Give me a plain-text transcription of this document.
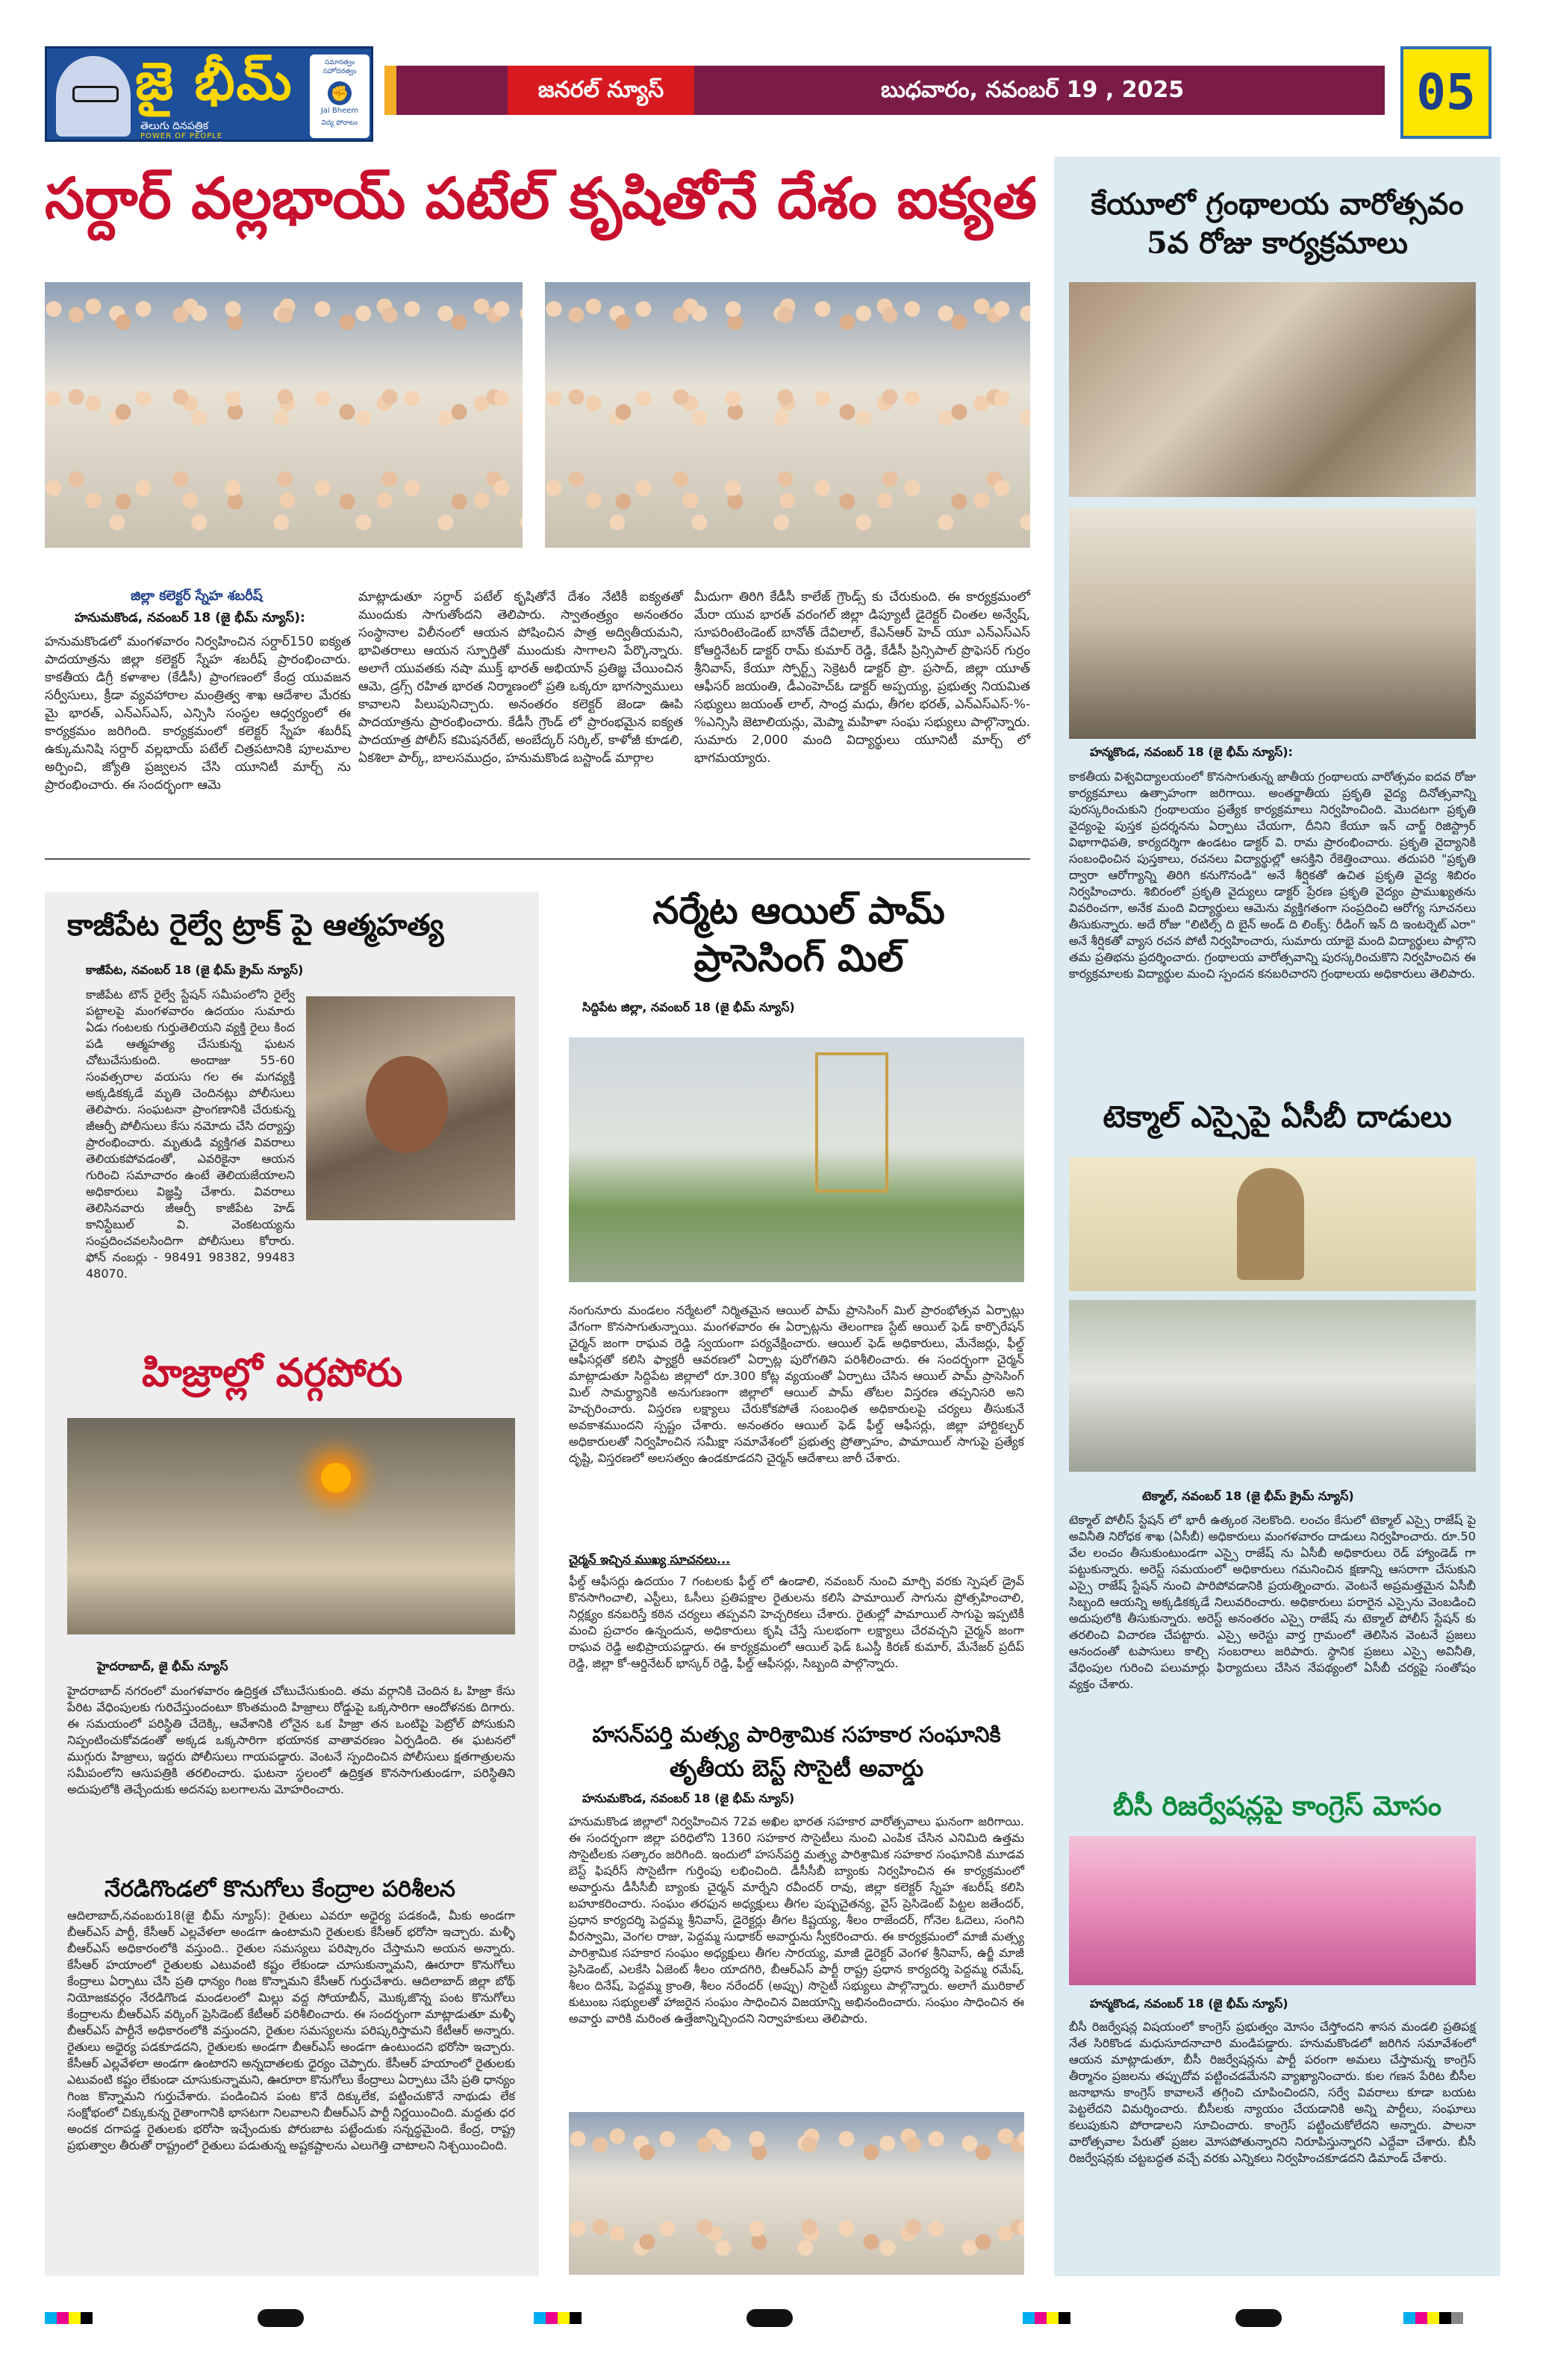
జై భీమ్
తెలుగు దినపత్రిక
POWER OF PEOPLE
సమానత్వం సహోదరత్వం
✊
Jai Bheem

విద్య పోరాటం
జనరల్ న్యూస్	బుధవారం, నవంబర్ 19 , 2025	05
సర్దార్ వల్లభాయ్ పటేల్ కృషితోనే దేశం ఐక్యత
జిల్లా కలెక్టర్ స్నేహ శబరీష్
హనుమకొండ, నవంబర్ 18 (జై భీమ్ న్యూస్):
హనుమకొండలో మంగళవారం నిర్వహించిన సర్దార్150 ఐక్యత పాదయాత్రను జిల్లా కలెక్టర్ స్నేహ శబరీష్ ప్రారంభించారు. కాకతీయ డిగ్రీ కళాశాల (కేడీసీ) ప్రాంగణంలో కేంద్ర యువజన సర్వీసులు, క్రీడా వ్యవహారాల మంత్రిత్వ శాఖ ఆదేశాల మేరకు మై భారత్, ఎన్ఎస్ఎస్, ఎన్సిసి సంస్థల ఆధ్వర్యంలో ఈ కార్యక్రమం జరిగింది. కార్యక్రమంలో కలెక్టర్ స్నేహ శబరీష్ ఉక్కుమనిషి సర్దార్ వల్లభాయ్ పటేల్ చిత్రపటానికి పూలమాల అర్పించి, జ్యోతి ప్రజ్వలన చేసి యూనిటీ మార్చ్ ను ప్రారంభించారు. ఈ సందర్భంగా ఆమె
మాట్లాడుతూ సర్దార్ పటేల్ కృషితోనే దేశం నేటికీ ఐక్యతతో ముందుకు సాగుతోందని తెలిపారు. స్వాతంత్ర్యం అనంతరం సంస్థానాల విలీనంలో ఆయన పోషించిన పాత్ర అద్వితీయమని, భావితరాలు ఆయన స్ఫూర్తితో ముందుకు సాగాలని పేర్కొన్నారు. అలాగే యువతకు నషా ముక్త్ భారత్ అభియాన్ ప్రతిజ్ఞ చేయించిన ఆమె, డ్రగ్స్ రహిత భారత నిర్మాణంలో ప్రతి ఒక్కరూ భాగస్వాములు కావాలని పిలుపునిచ్చారు. అనంతరం కలెక్టర్ జెండా ఊపి పాదయాత్రను ప్రారంభించారు. కేడీసీ గ్రౌండ్ లో ప్రారంభమైన ఐక్యత పాదయాత్ర పోలీస్ కమిషనరేట్, అంబేద్కర్ సర్కిల్, కాళోజీ కూడలి, ఏకశిలా పార్క్, బాలసముద్రం, హనుమకొండ బస్టాండ్ మార్గాల
మీదుగా తిరిగి కేడీసీ కాలేజ్ గ్రౌండ్స్ కు చేరుకుంది. ఈ కార్యక్రమంలో మేరా యువ భారత్ వరంగల్ జిల్లా డిప్యూటీ డైరెక్టర్ చింతల అన్వేష్, సూపరింటెండెంట్ బానోత్ దేవిలాల్, కేఎన్ఆర్ హెచ్ యూ ఎన్ఎస్ఎస్ కోఆర్డినేటర్ డాక్టర్ రామ్ కుమార్ రెడ్డి, కేడీసీ ప్రిన్సిపాల్ ప్రొఫెసర్ గుర్రం శ్రీనివాస్, కేయూ స్పోర్ట్స్ సెక్రెటరీ డాక్టర్ ప్రొ. ప్రసాద్, జిల్లా యూత్ ఆఫీసర్ జయంతి, డీఎంహెచ్ఓ డాక్టర్ అప్పయ్య, ప్రభుత్వ నియమిత సభ్యులు జయంత్ లాల్, సాంద్ర మధు, తీగల భరత్, ఎన్ఎస్ఎస్-%-%ఎన్సిసి జెటాలియన్లు, మెప్మా మహిళా సంఘ సభ్యులు పాల్గొన్నారు. సుమారు 2,000 మంది విద్యార్థులు యూనిటీ మార్చ్ లో భాగమయ్యారు.
కాజీపేట రైల్వే ట్రాక్ పై ఆత్మహత్య
కాజీపేట, నవంబర్ 18 (జై భీమ్ క్రైమ్ న్యూస్)
కాజీపేట టౌన్ రైల్వే స్టేషన్ సమీపంలోని రైల్వే పట్టాలపై మంగళవారం ఉదయం సుమారు ఏడు గంటలకు గుర్తుతెలియని వ్యక్తి రైలు కింద పడి ఆత్మహత్య చేసుకున్న ఘటన చోటుచేసుకుంది. అందాజు 55-60 సంవత్సరాల వయసు గల ఈ మగవ్యక్తి అక్కడికక్కడే మృతి చెందినట్లు పోలీసులు తెలిపారు. సంఘటనా ప్రాంగణానికి చేరుకున్న జీఆర్పీ పోలీసులు కేసు నమోదు చేసి దర్యాప్తు ప్రారంభించారు. మృతుడి వ్యక్తిగత వివరాలు తెలియకపోవడంతో, ఎవరికైనా ఆయన గురించి సమాచారం ఉంటే తెలియజేయాలని అధికారులు విజ్ఞప్తి చేశారు. వివరాలు తెలిసినవారు జీఆర్పీ కాజీపేట హెడ్ కానిస్టేబుల్ వి. వెంకటయ్యను సంప్రదించవలసిందిగా పోలీసులు కోరారు. ఫోన్ నంబర్లు - 98491 98382, 99483 48070.
హిజ్రాల్లో వర్గపోరు
హైదరాబాద్, జై భీమ్ న్యూస్
హైదరాబాద్ నగరంలో మంగళవారం ఉద్రిక్తత చోటుచేసుకుంది. తమ వర్గానికి చెందిన ఓ హిజ్రా కేసు పేరిట వేధింపులకు గురిచేస్తుందంటూ కొంతమంది హిజ్రాలు రోడ్డుపై ఒక్కసారిగా ఆందోళనకు దిగారు. ఈ సమయంలో పరిస్థితి చేదెక్కి, ఆవేశానికి లోనైన ఒక హిజ్రా తన ఒంటిపై పెట్రోల్ పోసుకుని నిప్పంటించుకోవడంతో అక్కడ ఒక్కసారిగా భయానక వాతావరణం ఏర్పడింది. ఈ ఘటనలో ముగ్గురు హిజ్రాలు, ఇద్దరు పోలీసులు గాయపడ్డారు. వెంటనే స్పందించిన పోలీసులు క్షతగాత్రులను సమీపంలోని ఆసుపత్రికి తరలించారు. ఘటనా స్థలంలో ఉద్రిక్తత కొనసాగుతుండగా, పరిస్థితిని అదుపులోకి తెచ్చేందుకు అదనపు బలగాలను మోహరించారు.
నేరడిగొండలో కొనుగోలు కేంద్రాల పరిశీలన
ఆదిలాబాద్,నవంబరు18(జై భీమ్ న్యూస్): రైతులు ఎవరూ అధైర్య పడకండి, మీకు అండగా బీఆర్ఎస్ పార్టీ, కేసీఆర్ ఎల్లవేళలా అండగా ఉంటామని రైతులకు కేసీఆర్ భరోసా ఇచ్చారు. మళ్ళీ బీఆర్ఎస్ అధికారంలోకి వస్తుంది.. రైతుల సమస్యలు పరిష్కారం చేస్తామని అయన అన్నారు. కేసీఆర్ హయాంలో రైతులకు ఎటువంటి కష్టం లేకుండా చూసుకున్నామని, ఊరూరా కొనుగోలు కేంద్రాలు ఏర్పాటు చేసి ప్రతి ధాన్యం గింజ కొన్నామని కేసీఆర్ గుర్తుచేశారు. ఆదిలాబాద్ జిల్లా బోథ్ నియోజకవర్గం నేరడిగొండ మండలంలో మిల్లు వద్ద సోయాబీన్, మొక్కజొన్న పంట కొనుగోలు కేంద్రాలను బీఆర్ఎస్ వర్కింగ్ ప్రెసిడెంట్ కేటీఆర్ పరిశీలించారు. ఈ సందర్భంగా మాట్లాడుతూ మళ్ళీ బీఆర్ఎస్ పార్టీనే అధికారంలోకి వస్తుందని, రైతుల సమస్యలను పరిష్కరిస్తామని కేటీఆర్ అన్నారు. రైతులు అధైర్య పడకూడదని, రైతులకు అండగా బీఆర్ఎస్ అండగా ఉంటుందని భరోసా ఇచ్చారు. కేసీఆర్ ఎల్లవేళలా అండగా ఉంటారని అన్నదాతలకు ధైర్యం చెప్పారు. కేసీఆర్ హయాంలో రైతులకు ఎటువంటి కష్టం లేకుండా చూసుకున్నామని, ఊరూరా కొనుగోలు కేంద్రాలు ఏర్పాటు చేసి ప్రతి ధాన్యం గింజ కొన్నామని గుర్తుచేశారు. పండించిన పంట కొనే దిక్కులేక, పట్టించుకొనే నాథుడు లేక సంక్షోభంలో చిక్కుకున్న రైతాంగానికి భాసటగా నిలవాలని బీఆర్ఎస్ పార్టీ నిర్ణయించింది. మద్దతు ధర అందక దగాపడ్డ రైతులకు భరోసా ఇచ్చేందుకు పోరుబాట పట్టేందుకు సన్నద్ధమైంది. కేంద్ర, రాష్ట్ర ప్రభుత్వాల తీరుతో రాష్ట్రంలో రైతులు పడుతున్న అష్టకష్టాలను ఎలుగెత్తి చాటాలని నిశ్చయించింది.
నర్మేట ఆయిల్ పామ్ ప్రాసెసింగ్ మిల్
సిద్దిపేట జిల్లా, నవంబర్ 18 (జై భీమ్ న్యూస్)
నంగునూరు మండలం నర్మేటలో నిర్మితమైన ఆయిల్ పామ్ ప్రాసెసింగ్ మిల్ ప్రారంభోత్సవ ఏర్పాట్లు వేగంగా కొనసాగుతున్నాయి. మంగళవారం ఈ ఏర్పాట్లను తెలంగాణ స్టేట్ ఆయిల్ ఫెడ్ కార్పొరేషన్ చైర్మన్ జంగా రాఘవ రెడ్డి స్వయంగా పర్యవేక్షించారు. ఆయిల్ ఫెడ్ అధికారులు, మేనేజర్లు, ఫీల్డ్ ఆఫీసర్లతో కలిసి ఫ్యాక్టరీ ఆవరణలో ఏర్పాట్ల పురోగతిని పరిశీలించారు. ఈ సందర్భంగా చైర్మన్ మాట్లాడుతూ సిద్దిపేట జిల్లాలో రూ.300 కోట్ల వ్యయంతో ఏర్పాటు చేసిన ఆయిల్ పామ్ ప్రాసెసింగ్ మిల్ సామర్థ్యానికి అనుగుణంగా జిల్లాలో ఆయిల్ పామ్ తోటల విస్తరణ తప్పనిసరి అని హెచ్చరించారు. విస్తరణ లక్ష్యాలు చేరుకోకపోతే సంబంధిత అధికారులపై చర్యలు తీసుకునే అవకాశముందని స్పష్టం చేశారు. అనంతరం ఆయిల్ ఫెడ్ ఫీల్డ్ ఆఫీసర్లు, జిల్లా హార్టికల్చర్ అధికారులతో నిర్వహించిన సమీక్షా సమావేశంలో ప్రభుత్వ ప్రోత్సాహం, పామాయిల్ సాగుపై ప్రత్యేక దృష్టి, విస్తరణలో అలసత్వం ఉండకూడదని చైర్మన్ ఆదేశాలు జారీ చేశారు.
చైర్మన్ ఇచ్చిన ముఖ్య సూచనలు...
ఫీల్డ్ ఆఫీసర్లు ఉదయం 7 గంటలకు ఫీల్డ్ లో ఉండాలి, నవంబర్ నుంచి మార్చి వరకు స్పెషల్ డ్రైవ్ కొనసాగించాలి, ఎస్టీలు, ఓసీలు ప్రతిపక్షాల రైతులను కలిసి పామాయిల్ సాగును ప్రోత్సహించాలి, నిర్లక్ష్యం కనబరిస్తే కఠిన చర్యలు తప్పవని హెచ్చరికలు చేశారు. రైతుల్లో పామాయిల్ సాగుపై ఇప్పటికీ మంచి ప్రచారం ఉన్నందున, అధికారులు కృషి చేస్తే సులభంగా లక్ష్యాలు చేరవచ్చని చైర్మన్ జంగా రాఘవ రెడ్డి అభిప్రాయపడ్డారు. ఈ కార్యక్రమంలో ఆయిల్ ఫెడ్ ఓఎస్డీ కిరణ్ కుమార్, మేనేజర్ ప్రదీప్ రెడ్డి, జిల్లా కో-ఆర్డినేటర్ భాస్కర్ రెడ్డి, ఫీల్డ్ ఆఫీసర్లు, సిబ్బంది పాల్గొన్నారు.
హసన్‌పర్తి మత్స్య పారిశ్రామిక సహకార సంఘానికి
తృతీయ బెస్ట్ సొసైటీ అవార్డు
హనుమకొండ, నవంబర్ 18 (జై భీమ్ న్యూస్)
హనుమకొండ జిల్లాలో నిర్వహించిన 72వ అఖిల భారత సహకార వారోత్సవాలు ఘనంగా జరిగాయి. ఈ సందర్భంగా జిల్లా పరిధిలోని 1360 సహకార సొసైటీలు నుంచి ఎంపిక చేసిన ఎనిమిది ఉత్తమ సొసైటీలకు సత్కారం జరిగింది. ఇందులో హసన్‌పర్తి మత్స్య పారిశ్రామిక సహకార సంఘానికి మూడవ బెస్ట్ ఫిషరీస్ సొసైటీగా గుర్తింపు లభించింది. డీసీసీబీ బ్యాంకు నిర్వహించిన ఈ కార్యక్రమంలో అవార్డును డీసీసీబీ బ్యాంకు చైర్మన్ మార్నేని రవీందర్ రావు, జిల్లా కలెక్టర్ స్నేహ శబరీష్ కలిసి బహూకరించారు. సంఘం తరఫున అధ్యక్షులు తీగల పుష్పచైతన్య, వైస్ ప్రెసిడెంట్ పిట్టల జతేందర్, ప్రధాన కార్యదర్శి పెద్దమ్మ శ్రీనివాస్, డైరెక్టర్లు తీగల కిష్టయ్య, శీలం రాజేందర్, గోనెల ఓదెలు, సంగిని వీరస్వామి, వెంగల రాజు, పెద్దమ్మ సుధాకర్ అవార్డును స్వీకరించారు. ఈ కార్యక్రమంలో మాజీ మత్స్య పారిశ్రామిక సహకార సంఘం అధ్యక్షులు తీగల సారయ్య, మాజీ డైరెక్టర్ వెంగళ శ్రీనివాస్, ఉర్జీ మాజీ ప్రెసిడెంట్, ఎలకేసి ఏజెంట్ శీలం యాదగిరి, బీఆర్ఎస్ పార్టీ రాష్ట్ర ప్రధాన కార్యదర్శి పెద్దమ్మ రమేష్, శీలం దినేష్, పెద్దమ్మ క్రాంతి, శీలం నరేందర్ (అప్పు) సొసైటీ సభ్యులు పాల్గొన్నారు. అలాగే మురికాల్ కుటుంబ సభ్యులతో హాజరైన సంఘం సాధించిన విజయాన్ని అభినందించారు. సంఘం సాధించిన ఈ అవార్డు వారికి మరింత ఉత్తేజాన్నిచ్చిందని నిర్వాహకులు తెలిపారు.
కేయూలో గ్రంథాలయ వారోత్సవం
5వ రోజు కార్యక్రమాలు
హన్మకొండ, నవంబర్ 18 (జై భీమ్ న్యూస్):
కాకతీయ విశ్వవిద్యాలయంలో కొనసాగుతున్న జాతీయ గ్రంథాలయ వారోత్సవం ఐదవ రోజు కార్యక్రమాలు ఉత్సాహంగా జరిగాయి. అంతర్జాతీయ ప్రకృతి వైద్య దినోత్సవాన్ని పురస్కరించుకుని గ్రంథాలయం ప్రత్యేక కార్యక్రమాలు నిర్వహించింది. మొదటగా ప్రకృతి వైద్యంపై పుస్తక ప్రదర్శనను ఏర్పాటు చేయగా, దీనిని కేయూ ఇన్ చార్జ్ రిజిస్ట్రార్ విభాగాధిపతి, కార్యదర్శిగా ఉండటం డాక్టర్ వి. రామ ప్రారంభించారు. ప్రకృతి వైద్యానికి సంబంధించిన పుస్తకాలు, రచనలు విద్యార్థుల్లో ఆసక్తిని రేకెత్తించాయి. తదుపరి "ప్రకృతి ద్వారా ఆరోగ్యాన్ని తిరిగి కనుగొనండి" అనే శీర్షికతో ఉచిత ప్రకృతి వైద్య శిబిరం నిర్వహించారు. శిబిరంలో ప్రకృతి వైద్యులు డాక్టర్ ప్రేరణ ప్రకృతి వైద్యం ప్రాముఖ్యతను వివరించగా, అనేక మంది విద్యార్థులు ఆమెను వ్యక్తిగతంగా సంప్రదించి ఆరోగ్య సూచనలు తీసుకున్నారు. అదే రోజు "లిటిల్స్ ది బైన్ అండ్ ది లింక్స్: రీడింగ్ ఇన్ ది ఇంటర్నెట్ ఎరా" అనే శీర్షికతో వ్యాస రచన పోటీ నిర్వహించారు, సుమారు యాభై మంది విద్యార్థులు పాల్గొని తమ ప్రతిభను ప్రదర్శించారు. గ్రంథాలయ వారోత్సవాన్ని పురస్కరించుకొని నిర్వహించిన ఈ కార్యక్రమాలకు విద్యార్థుల మంచి స్పందన కనబరిచారని గ్రంథాలయ అధికారులు తెలిపారు.
టెక్మాల్ ఎస్సైపై ఏసీబీ దాడులు
టెక్మాల్, నవంబర్ 18 (జై భీమ్ క్రైమ్ న్యూస్)
టెక్మాల్ పోలీస్ స్టేషన్ లో భారీ ఉత్కంఠ నెలకొంది. లంచం కేసులో టెక్మాల్ ఎస్సై రాజేష్ పై అవినీతి నిరోధక శాఖ (ఏసీబీ) అధికారులు మంగళవారం దాడులు నిర్వహించారు. రూ.50 వేల లంచం తీసుకుంటుండగా ఎస్సై రాజేష్ ను ఏసీబీ అధికారులు రెడ్ హ్యాండెడ్ గా పట్టుకున్నారు. అరెస్ట్ సమయంలో అధికారులు గమనించిన క్షణాన్ని ఆసరాగా చేసుకుని ఎస్సై రాజేష్ స్టేషన్ నుంచి పారిపోవడానికి ప్రయత్నించారు. వెంటనే అప్రమత్తమైన ఏసీబీ సిబ్బంది ఆయన్ని అక్కడికక్కడే నిలువరించారు. అధికారులు పరారైన ఎస్సైను వెంబడించి అదుపులోకి తీసుకున్నారు. అరెస్ట్ అనంతరం ఎస్సై రాజేష్ ను టెక్మాల్ పోలీస్ స్టేషన్ కు తరలించి విచారణ చేపట్టారు. ఎస్సై అరెస్టు వార్త గ్రామంలో తెలిసిన వెంటనే ప్రజలు ఆనందంతో టపాసులు కాల్చి సంబరాలు జరిపారు. స్థానిక ప్రజలు ఎస్సై అవినీతి, వేధింపుల గురించి పలుమార్లు ఫిర్యాదులు చేసిన నేపథ్యంలో ఏసీబీ చర్యపై సంతోషం వ్యక్తం చేశారు.
బీసీ రిజర్వేషన్లపై కాంగ్రెస్ మోసం
హన్మకొండ, నవంబర్ 18 (జై భీమ్ న్యూస్)
బీసీ రిజర్వేషన్ల విషయంలో కాంగ్రెస్ ప్రభుత్వం మోసం చేస్తోందని శాసన మండలి ప్రతిపక్ష నేత సిరికొండ మధుసూదనాచారి మండిపడ్డారు. హనుమకొండలో జరిగిన సమావేశంలో ఆయన మాట్లాడుతూ, బీసీ రిజర్వేషన్లను పార్టీ పరంగా అమలు చేస్తామన్న కాంగ్రెస్ తీర్మానం ప్రజలను తప్పుదోవ పట్టించడమేనని వ్యాఖ్యానించారు. కుల గణన పేరిట బీసీల జనాభాను కాంగ్రెస్ కావాలనే తగ్గించి చూపించిందని, సర్వే వివరాలు కూడా బయట పెట్టలేదని విమర్శించారు. బీసీలకు న్యాయం చేయడానికి అన్ని పార్టీలు, సంఘాలు కలుపుకుని పోరాడాలని సూచించారు. కాంగ్రెస్ పట్టించుకోలేదని అన్నారు. పాలనా వారోత్సవాల పేరుతో ప్రజల మోసపోతున్నారని నిరూపిస్తున్నారని ఎద్దేవా చేశారు. బీసీ రిజర్వేషన్లకు చట్టబద్ధత వచ్చే వరకు ఎన్నికలు నిర్వహించకూడదని డిమాండ్ చేశారు.
